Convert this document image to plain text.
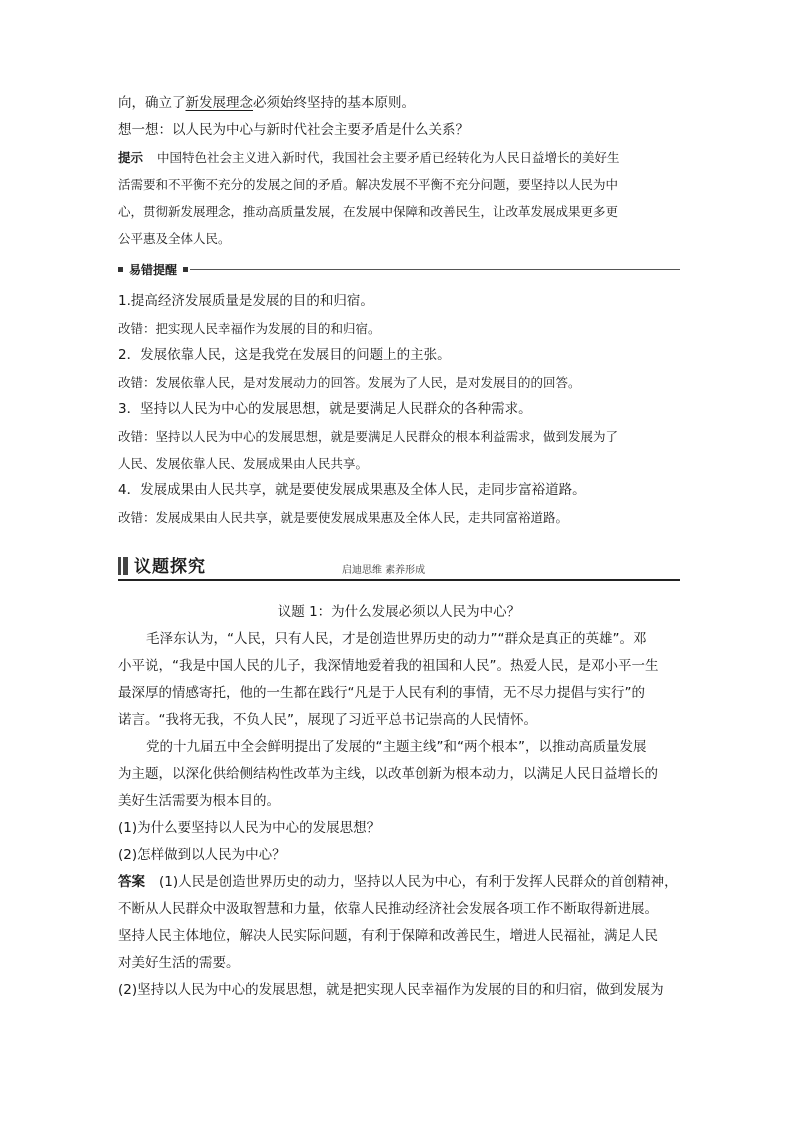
向，确立了新发展理念必须始终坚持的基本原则。
想一想：以人民为中心与新时代社会主要矛盾是什么关系？
提示 中国特色社会主义进入新时代，我国社会主要矛盾已经转化为人民日益增长的美好生
活需要和不平衡不充分的发展之间的矛盾。解决发展不平衡不充分问题，要坚持以人民为中
心，贯彻新发展理念，推动高质量发展，在发展中保障和改善民生，让改革发展成果更多更
公平惠及全体人民。
易错提醒
1.提高经济发展质量是发展的目的和归宿。
改错：把实现人民幸福作为发展的目的和归宿。
2．发展依靠人民，这是我党在发展目的问题上的主张。
改错：发展依靠人民，是对发展动力的回答。发展为了人民，是对发展目的的回答。
3．坚持以人民为中心的发展思想，就是要满足人民群众的各种需求。
改错：坚持以人民为中心的发展思想，就是要满足人民群众的根本利益需求，做到发展为了
人民、发展依靠人民、发展成果由人民共享。
4．发展成果由人民共享，就是要使发展成果惠及全体人民，走同步富裕道路。
改错：发展成果由人民共享，就是要使发展成果惠及全体人民，走共同富裕道路。
议题探究	启迪思维 素养形成
议题 1：为什么发展必须以人民为中心？
毛泽东认为，“人民，只有人民，才是创造世界历史的动力”“群众是真正的英雄”。邓
小平说，“我是中国人民的儿子，我深情地爱着我的祖国和人民”。热爱人民，是邓小平一生
最深厚的情感寄托，他的一生都在践行“凡是于人民有利的事情，无不尽力提倡与实行”的
诺言。“我将无我，不负人民”，展现了习近平总书记崇高的人民情怀。
党的十九届五中全会鲜明提出了发展的“主题主线”和“两个根本”，以推动高质量发展
为主题，以深化供给侧结构性改革为主线，以改革创新为根本动力，以满足人民日益增长的
美好生活需要为根本目的。
(1)为什么要坚持以人民为中心的发展思想？
(2)怎样做到以人民为中心？
答案 (1)人民是创造世界历史的动力，坚持以人民为中心，有利于发挥人民群众的首创精神，
不断从人民群众中汲取智慧和力量，依靠人民推动经济社会发展各项工作不断取得新进展。
坚持人民主体地位，解决人民实际问题，有利于保障和改善民生，增进人民福祉，满足人民
对美好生活的需要。
(2)坚持以人民为中心的发展思想，就是把实现人民幸福作为发展的目的和归宿，做到发展为
